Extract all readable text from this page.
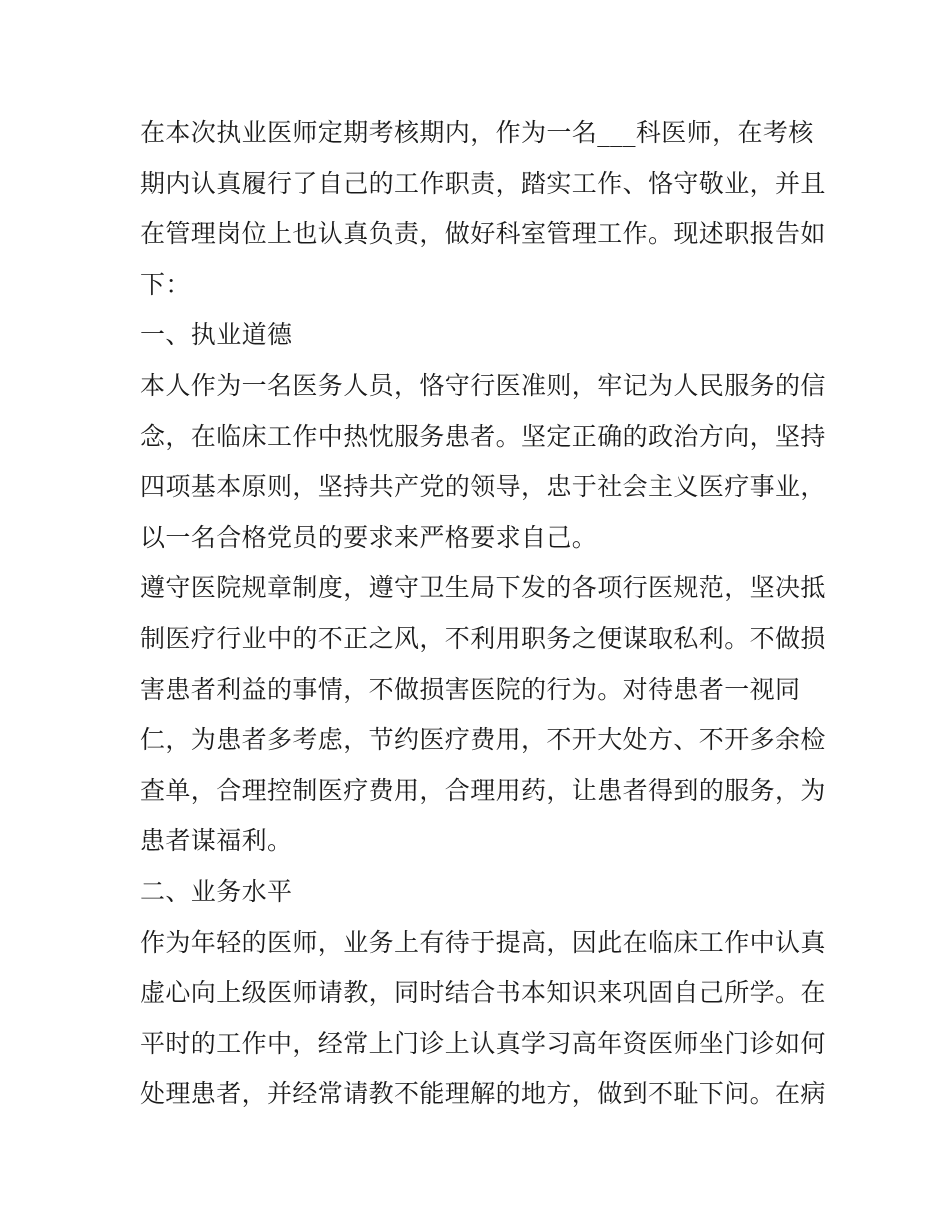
在本次执业医师定期考核期内，作为一名___科医师，在考核
期内认真履行了自己的工作职责，踏实工作、恪守敬业，并且
在管理岗位上也认真负责，做好科室管理工作。现述职报告如
下：
一、执业道德
本人作为一名医务人员，恪守行医准则，牢记为人民服务的信
念，在临床工作中热忱服务患者。坚定正确的政治方向，坚持
四项基本原则，坚持共产党的领导，忠于社会主义医疗事业，
以一名合格党员的要求来严格要求自己。
遵守医院规章制度，遵守卫生局下发的各项行医规范，坚决抵
制医疗行业中的不正之风，不利用职务之便谋取私利。不做损
害患者利益的事情，不做损害医院的行为。对待患者一视同
仁，为患者多考虑，节约医疗费用，不开大处方、不开多余检
查单，合理控制医疗费用，合理用药，让患者得到的服务，为
患者谋福利。
二、业务水平
作为年轻的医师，业务上有待于提高，因此在临床工作中认真
虚心向上级医师请教，同时结合书本知识来巩固自己所学。在
平时的工作中，经常上门诊上认真学习高年资医师坐门诊如何
处理患者，并经常请教不能理解的地方，做到不耻下问。在病
